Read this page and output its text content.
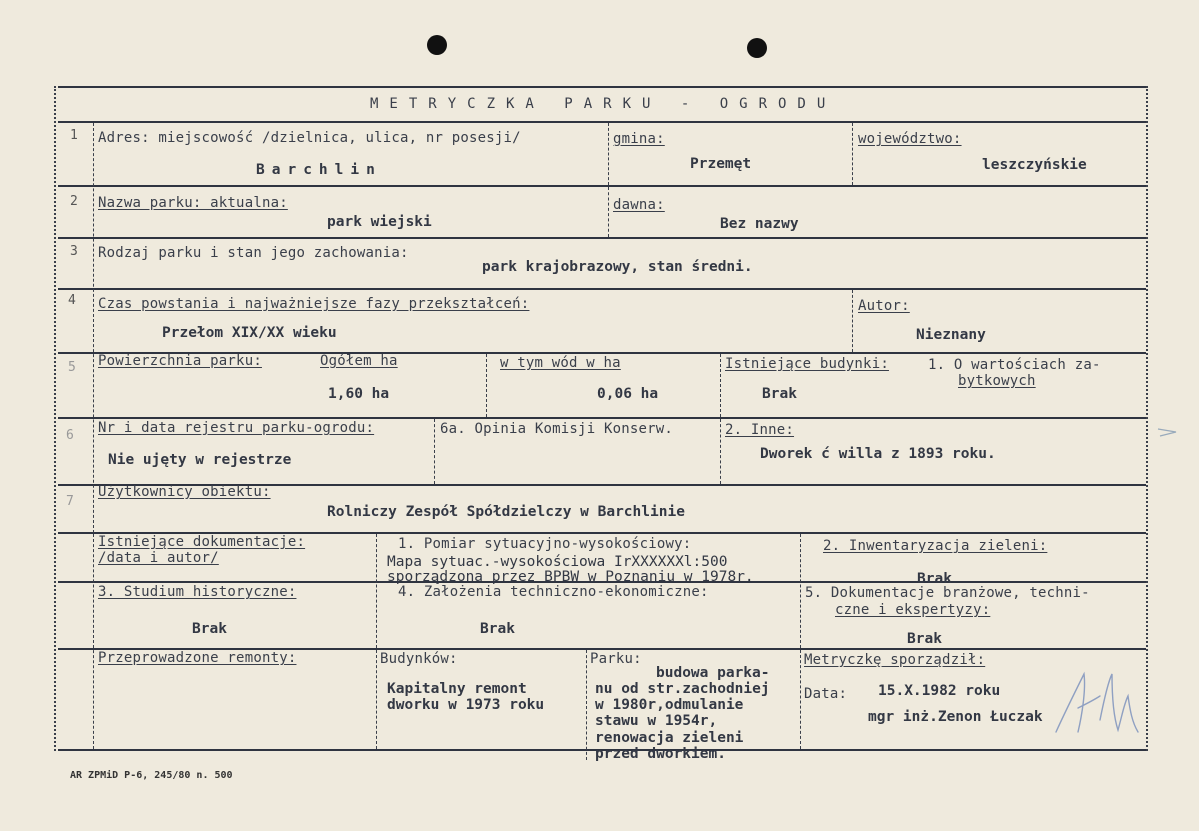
METRYCZKA PARKU - OGRODU
1 Adres: miejscowość /dzielnica, ulica, nr posesji/
Barchlin
gmina:
Przemęt
województwo:
leszczyńskie
2 Nazwa parku: aktualna:
park wiejski
dawna:
Bez nazwy
3 Rodzaj parku i stan jego zachowania:
park krajobrazowy, stan średni.
4 Czas powstania i najważniejsze fazy przekształceń:
Przełom XIX/XX wieku
Autor:
Nieznany
5 Powierzchnia parku:	Ogółem ha
1,60 ha
w tym wód w ha
0,06 ha
Istniejące budynki:	1. O wartościach za-
bytkowych
Brak
6 Nr i data rejestru parku-ogrodu:
Nie ujęty w rejestrze
6a. Opinia Komisji Konserw.	2. Inne:
Dworek ć willa z 1893 roku.
7
Użytkownicy obiektu:
Rolniczy Zespół Spółdzielczy w Barchlinie
Istniejące dokumentacje:
/data i autor/
1. Pomiar sytuacyjno-wysokościowy:
Mapa sytuac.-wysokościowa IrXXXXXXl:500
sporządzona przez BPBW w Poznaniu w 1978r.
2. Inwentaryzacja zieleni:
Brak
3. Studium historyczne:
Brak
4. Założenia techniczno-ekonomiczne:
Brak
5. Dokumentacje branżowe, techni-
czne i ekspertyzy:
Brak
Przeprowadzone remonty:	Budynków:
Kapitalny remont
dworku w 1973 roku
Parku:
budowa parka-
nu od str.zachodniej
w 1980r,odmulanie
stawu w 1954r,
renowacja zieleni
przed dworkiem.
Metryczkę sporządził:
Data: 15.X.1982 roku
mgr inż.Zenon Łuczak
AR ZPMiD P-6, 245/80 n. 500
